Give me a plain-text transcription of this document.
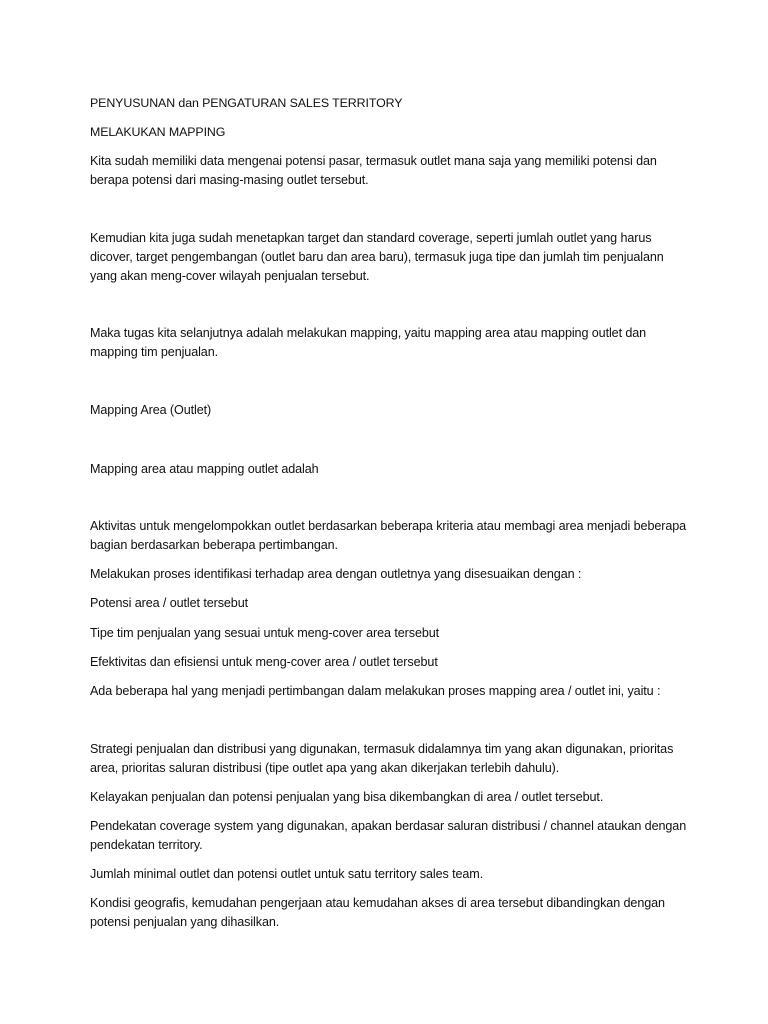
PENYUSUNAN dan PENGATURAN SALES TERRITORY

MELAKUKAN MAPPING

Kita sudah memiliki data mengenai potensi pasar, termasuk outlet mana saja yang memiliki potensi dan berapa potensi dari masing-masing outlet tersebut.

Kemudian kita juga sudah menetapkan target dan standard coverage, seperti jumlah outlet yang harus dicover, target pengembangan (outlet baru dan area baru), termasuk juga tipe dan jumlah tim penjualann yang akan meng-cover wilayah penjualan tersebut.

Maka tugas kita selanjutnya adalah melakukan mapping, yaitu mapping area atau mapping outlet dan mapping tim penjualan.

Mapping Area (Outlet)

Mapping area atau mapping outlet adalah

Aktivitas untuk mengelompokkan outlet berdasarkan beberapa kriteria atau membagi area menjadi beberapa bagian berdasarkan beberapa pertimbangan.

Melakukan proses identifikasi terhadap area dengan outletnya yang disesuaikan dengan :

Potensi area / outlet tersebut

Tipe tim penjualan yang sesuai untuk meng-cover area tersebut

Efektivitas dan efisiensi untuk meng-cover area / outlet tersebut

Ada beberapa hal yang menjadi pertimbangan dalam melakukan proses mapping area / outlet ini, yaitu :

Strategi penjualan dan distribusi yang digunakan, termasuk didalamnya tim yang akan digunakan, prioritas area, prioritas saluran distribusi (tipe outlet apa yang akan dikerjakan terlebih dahulu).

Kelayakan penjualan dan potensi penjualan yang bisa dikembangkan di area / outlet tersebut.

Pendekatan coverage system yang digunakan, apakan berdasar saluran distribusi / channel ataukan dengan pendekatan territory.

Jumlah minimal outlet dan potensi outlet untuk satu territory sales team.

Kondisi geografis, kemudahan pengerjaan atau kemudahan akses di area tersebut dibandingkan dengan potensi penjualan yang dihasilkan.
